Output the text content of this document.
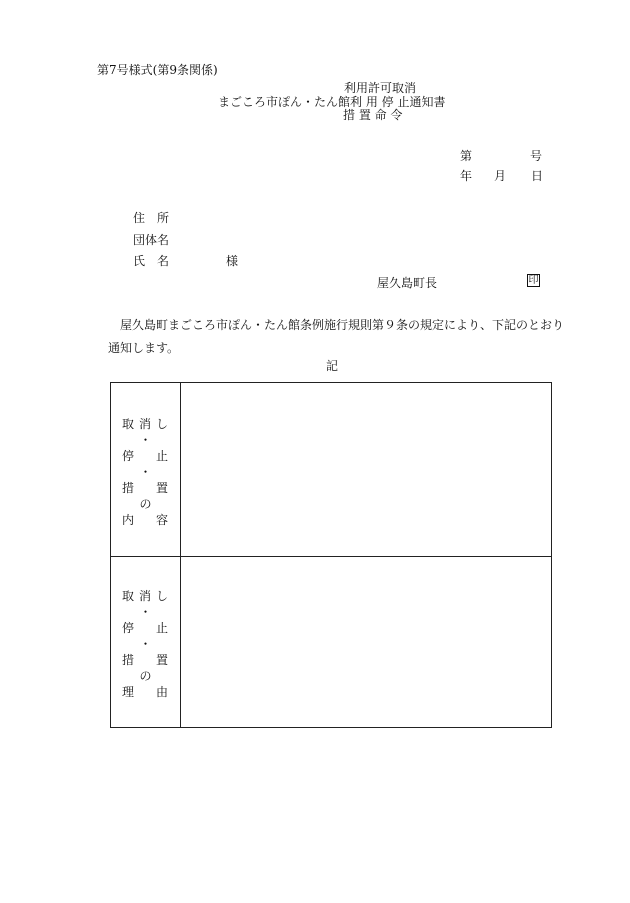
第7号様式(第9条関係)
利用許可取消
まごころ市ぽん・たん館利 用 停 止通知書
措 置 命 令
第	号
年 月 日
住　所
団体名
氏　名	様
屋久島町長	印
屋久島町まごころ市ぽん・たん館条例施行規則第９条の規定により、下記のとおり通知します。
記
取 消 し
・
停 止
・
措 置
の
内 容
取 消 し
・
停 止
・
措 置
の
理 由
